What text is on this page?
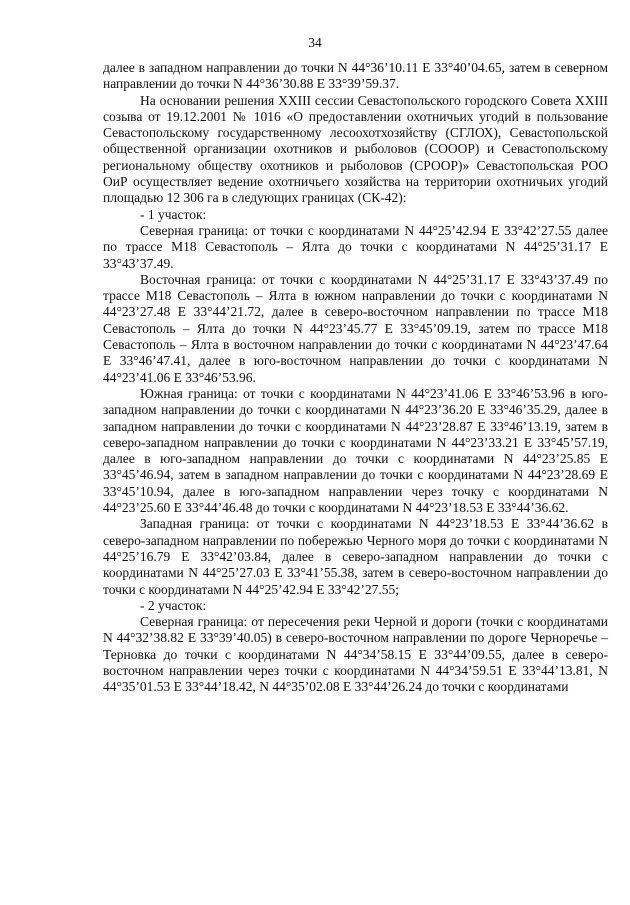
34

далее в западном направлении до точки N 44°36’10.11 E 33°40’04.65, затем в северном направлении до точки N 44°36’30.88 E 33°39’59.37.

На основании решения XXIII сессии Севастопольского городского Совета XXIII созыва от 19.12.2001 № 1016 «О предоставлении охотничьих угодий в пользование Севастопольскому государственному лесоохотхозяйству (СГЛОХ), Севастопольской общественной организации охотников и рыболовов (СОООР) и Севастопольскому региональному обществу охотников и рыболовов (СРООР)» Севастопольская РОО ОиР осуществляет ведение охотничьего хозяйства на территории охотничьих угодий площадью 12 306 га в следующих границах (СК-42):

- 1 участок:

Северная граница: от точки с координатами N 44°25’42.94 E 33°42’27.55 далее по трассе М18 Севастополь – Ялта до точки с координатами N 44°25’31.17 E 33°43’37.49.

Восточная граница: от точки с координатами N 44°25’31.17 E 33°43’37.49 по трассе М18 Севастополь – Ялта в южном направлении до точки с координатами N 44°23’27.48 E 33°44’21.72, далее в северо-восточном направлении по трассе М18 Севастополь – Ялта до точки N 44°23’45.77 E 33°45’09.19, затем по трассе М18 Севастополь – Ялта в восточном направлении до точки с координатами N 44°23’47.64 E 33°46’47.41, далее в юго-восточном направлении до точки с координатами N 44°23’41.06 E 33°46’53.96.

Южная граница: от точки с координатами N 44°23’41.06 E 33°46’53.96 в юго-западном направлении до точки с координатами N 44°23’36.20 E 33°46’35.29, далее в западном направлении до точки с координатами N 44°23’28.87 E 33°46’13.19, затем в северо-западном направлении до точки с координатами N 44°23’33.21 E 33°45’57.19, далее в юго-западном направлении до точки с координатами N 44°23’25.85 E 33°45’46.94, затем в западном направлении до точки с координатами N 44°23’28.69 E 33°45’10.94, далее в юго-западном направлении через точку с координатами N 44°23’25.60 E 33°44’46.48 до точки с координатами N 44°23’18.53 E 33°44’36.62.

Западная граница: от точки с координатами N 44°23’18.53 E 33°44’36.62 в северо-западном направлении по побережью Черного моря до точки с координатами N 44°25’16.79 E 33°42’03.84, далее в северо-западном направлении до точки с координатами N 44°25’27.03 E 33°41’55.38, затем в северо-восточном направлении до точки с координатами N 44°25’42.94 E 33°42’27.55;

- 2 участок:

Северная граница: от пересечения реки Черной и дороги (точки с координатами N 44°32’38.82 E 33°39’40.05) в северо-восточном направлении по дороге Черноречье – Терновка до точки с координатами N 44°34’58.15 E 33°44’09.55, далее в северо-восточном направлении через точки с координатами N 44°34’59.51 E 33°44’13.81, N 44°35’01.53 E 33°44’18.42, N 44°35’02.08 E 33°44’26.24 до точки с координатами
